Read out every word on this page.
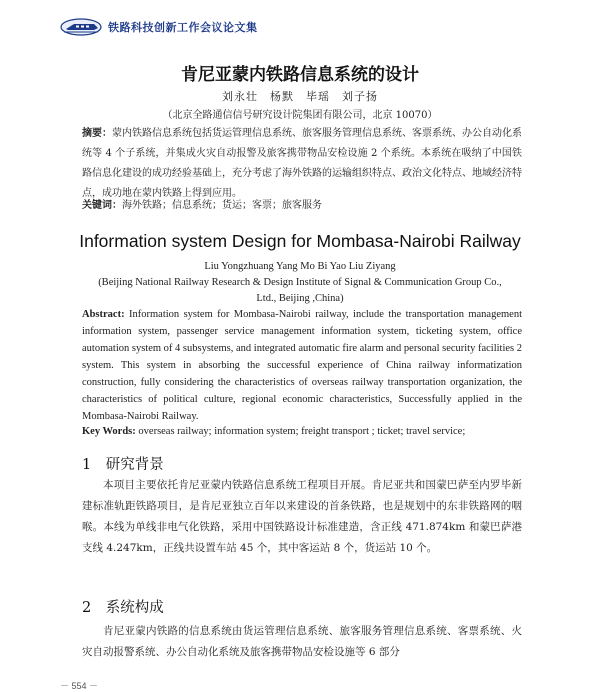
铁路科技创新工作会议论文集
肯尼亚蒙内铁路信息系统的设计
刘永壮　杨默　毕瑶　刘子扬
（北京全路通信信号研究设计院集团有限公司，北京 10070）
摘要：蒙内铁路信息系统包括货运管理信息系统、旅客服务管理信息系统、客票系统、办公自动化系统等 4 个子系统，并集成火灾自动报警及旅客携带物品安检设施 2 个系统。本系统在吸纳了中国铁路信息化建设的成功经验基础上，充分考虑了海外铁路的运输组织特点、政治文化特点、地域经济特点，成功地在蒙内铁路上得到应用。
关键词：海外铁路；信息系统；货运；客票；旅客服务
Information system Design for Mombasa-Nairobi Railway
Liu Yongzhuang Yang Mo Bi Yao Liu Ziyang
(Beijing National Railway Research & Design Institute of Signal & Communication Group Co.,
Ltd., Beijing ,China)
Abstract: Information system for Mombasa-Nairobi railway, include the transportation management information system, passenger service management information system, ticketing system, office automation system of 4 subsystems, and integrated automatic fire alarm and personal security facilities 2 system. This system in absorbing the successful experience of China railway informatization construction, fully considering the characteristics of overseas railway transportation organization, the characteristics of political culture, regional economic characteristics, Successfully applied in the Mombasa-Nairobi Railway.
Key Words: overseas railway; information system; freight transport ; ticket; travel service;
1　研究背景
本项目主要依托肯尼亚蒙内铁路信息系统工程项目开展。肯尼亚共和国蒙巴萨至内罗毕新建标准轨距铁路项目，是肯尼亚独立百年以来建设的首条铁路，也是规划中的东非铁路网的咽喉。本线为单线非电气化铁路，采用中国铁路设计标准建造，含正线 471.874km 和蒙巴萨港支线 4.247km，正线共设置车站 45 个，其中客运站 8 个，货运站 10 个。
2　系统构成
肯尼亚蒙内铁路的信息系统由货运管理信息系统、旅客服务管理信息系统、客票系统、火灾自动报警系统、办公自动化系统及旅客携带物品安检设施等 6 部分
－ 554 －
